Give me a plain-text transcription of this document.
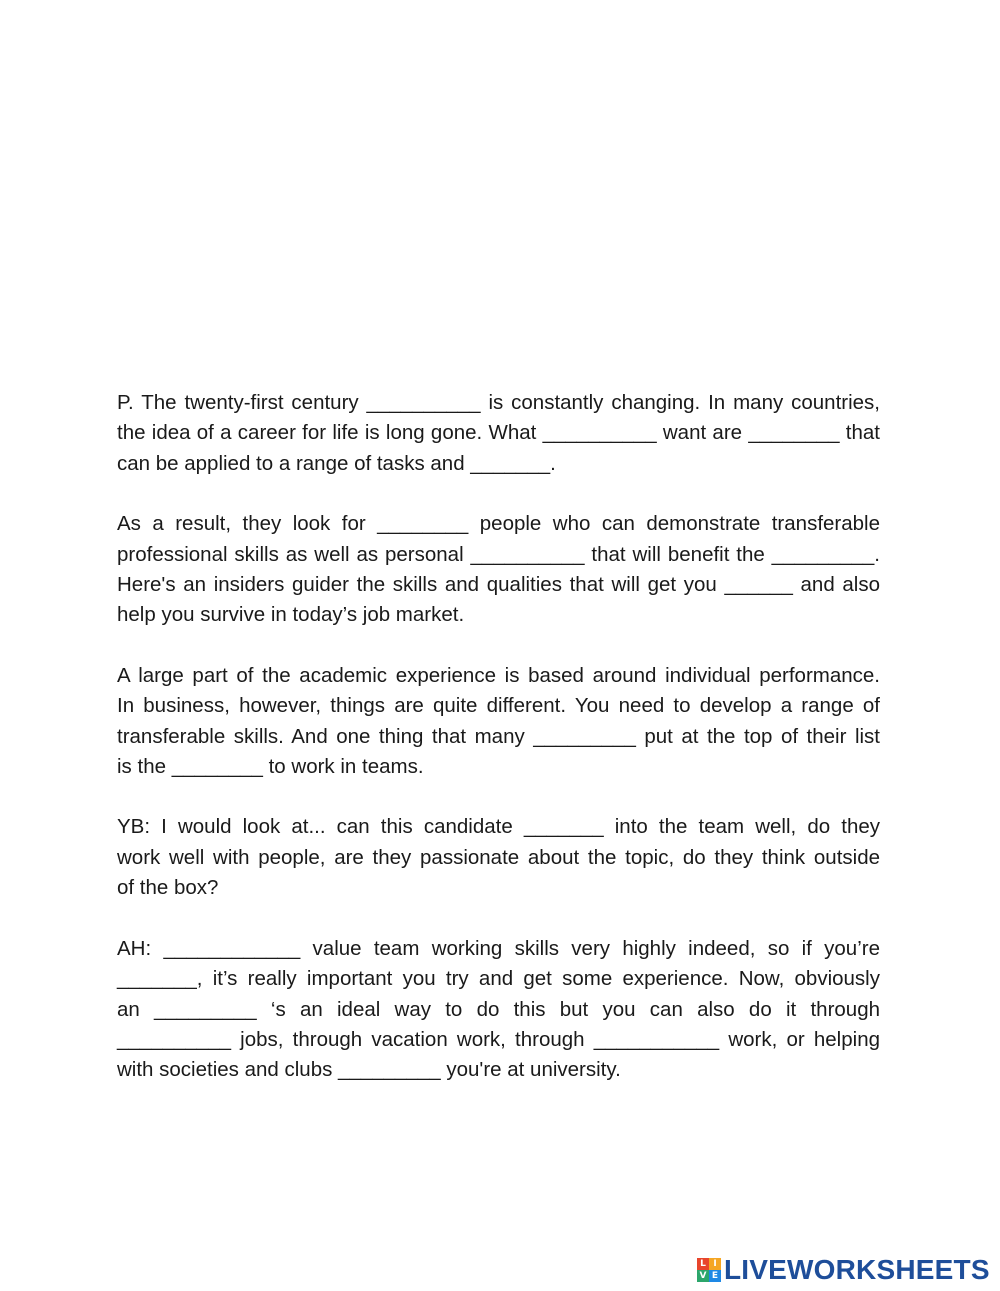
P. The twenty-first century __________ is constantly changing. In many countries,
the idea of a career for life is long gone. What __________ want are ________ that
can be applied to a range of tasks and _______.

As a result, they look for ________ people who can demonstrate transferable
professional skills as well as personal __________ that will benefit the _________.
Here's an insiders guider the skills and qualities that will get you ______ and also
help you survive in today’s job market.

A large part of the academic experience is based around individual performance.
In business, however, things are quite different. You need to develop a range of
transferable skills. And one thing that many _________ put at the top of their list
is the ________ to work in teams.

YB: I would look at... can this candidate _______ into the team well, do they
work well with people, are they passionate about the topic, do they think outside
of the box?

AH: ____________ value team working skills very highly indeed, so if you’re
_______, it’s really important you try and get some experience. Now, obviously
an _________ ‘s an ideal way to do this but you can also do it through
__________ jobs, through vacation work, through ___________ work, or helping
with societies and clubs _________ you're at university.

L I
V E LIVEWORKSHEETS
